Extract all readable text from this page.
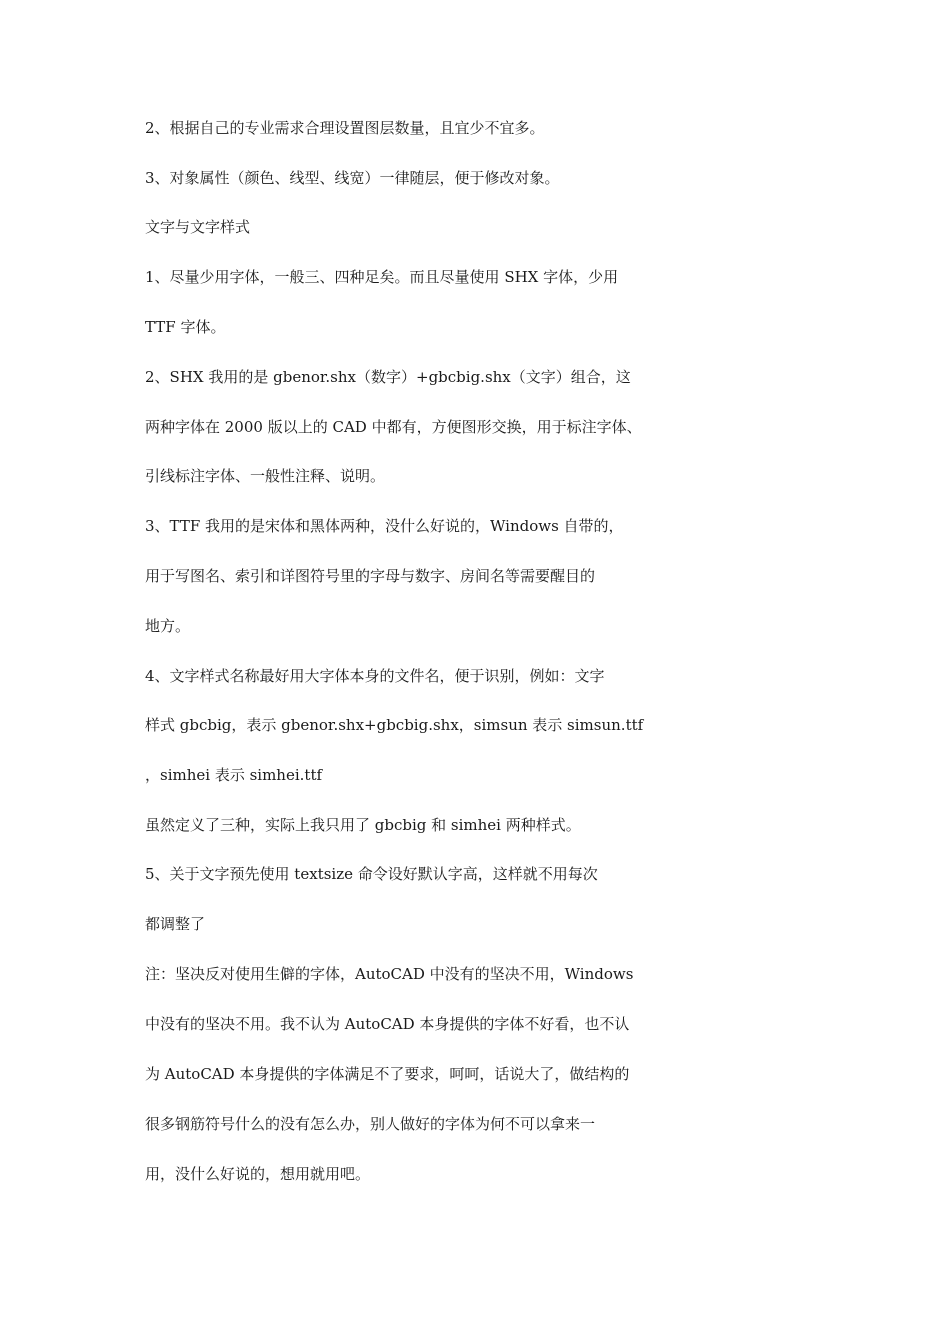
2、根据自己的专业需求合理设置图层数量，且宜少不宜多。

3、对象属性（颜色、线型、线宽）一律随层，便于修改对象。

文字与文字样式

1、尽量少用字体，一般三、四种足矣。而且尽量使用 SHX 字体，少用

TTF 字体。

2、SHX 我用的是 gbenor.shx（数字）+gbcbig.shx（文字）组合，这

两种字体在 2000 版以上的 CAD 中都有，方便图形交换，用于标注字体、

引线标注字体、一般性注释、说明。

3、TTF 我用的是宋体和黑体两种，没什么好说的，Windows 自带的，

用于写图名、索引和详图符号里的字母与数字、房间名等需要醒目的

地方。

4、文字样式名称最好用大字体本身的文件名，便于识别，例如：文字

样式 gbcbig，表示 gbenor.shx+gbcbig.shx，simsun 表示 simsun.ttf

，simhei 表示 simhei.ttf

虽然定义了三种，实际上我只用了 gbcbig 和 simhei 两种样式。

5、关于文字预先使用 textsize 命令设好默认字高，这样就不用每次

都调整了

注：坚决反对使用生僻的字体，AutoCAD 中没有的坚决不用，Windows

中没有的坚决不用。我不认为 AutoCAD 本身提供的字体不好看，也不认

为 AutoCAD 本身提供的字体满足不了要求，呵呵，话说大了，做结构的

很多钢筋符号什么的没有怎么办，别人做好的字体为何不可以拿来一

用，没什么好说的，想用就用吧。
